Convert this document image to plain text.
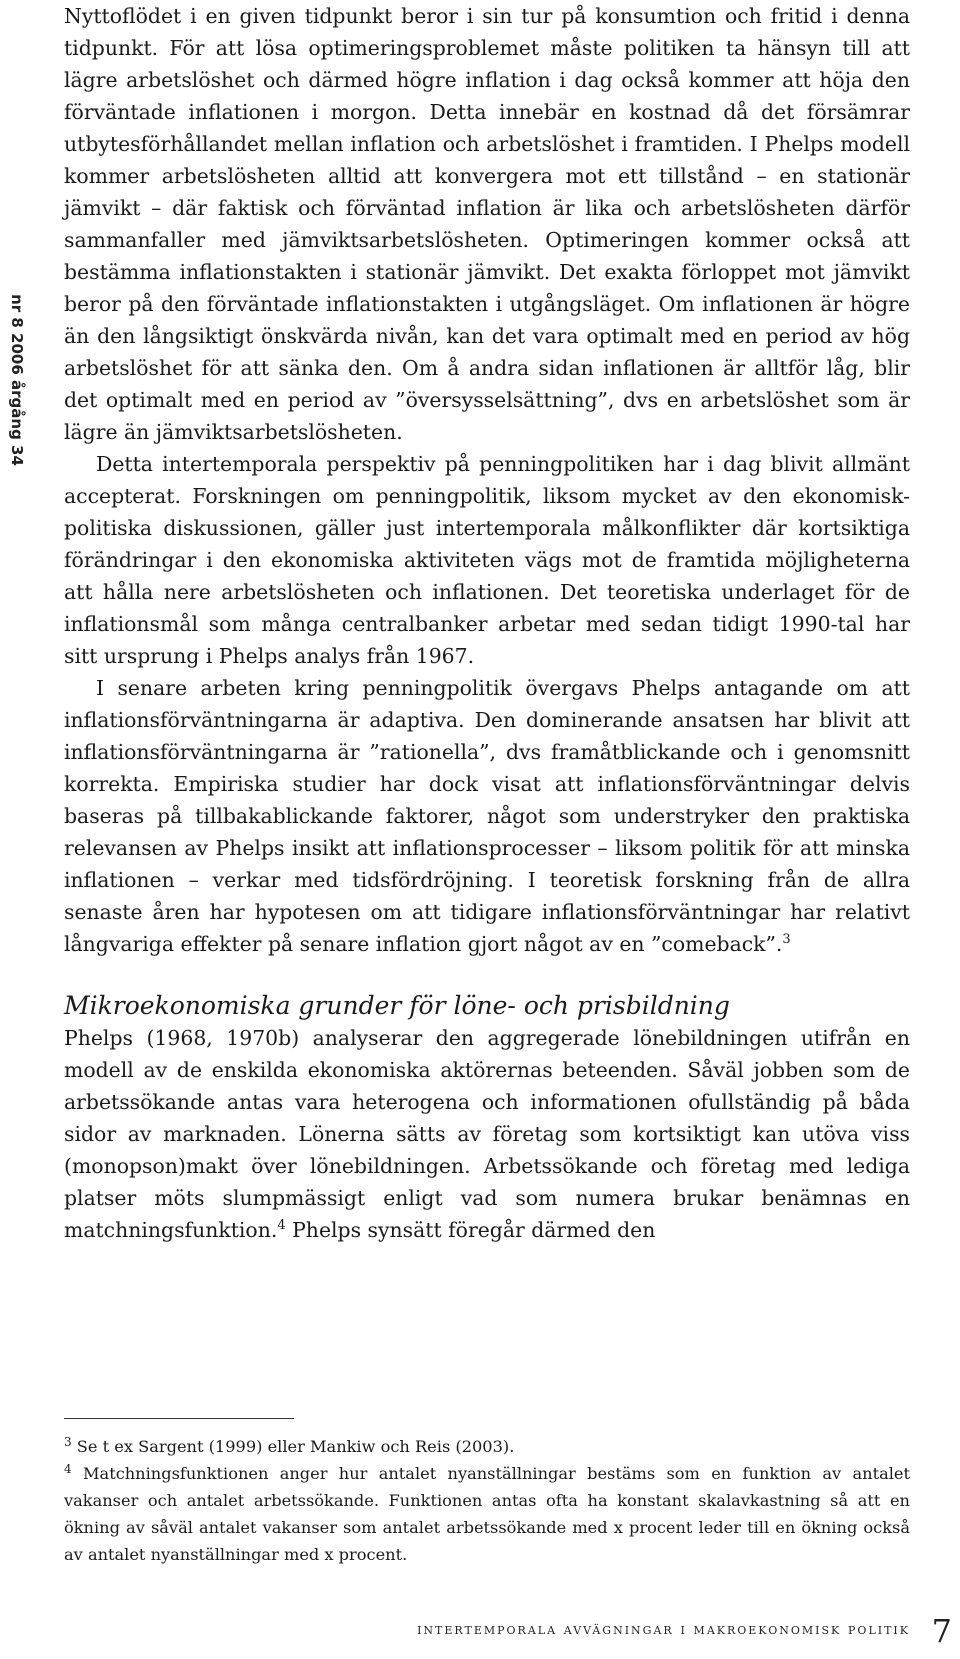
nr 8 2006 årgång 34

Nyttoflödet i en given tidpunkt beror i sin tur på konsumtion och fritid i denna tidpunkt. För att lösa optimeringsproblemet måste politiken ta hänsyn till att lägre arbetslöshet och därmed högre inflation i dag också kommer att höja den förväntade inflationen i morgon. Detta innebär en kostnad då det försämrar utbytesförhållandet mellan inflation och arbetslöshet i framtiden. I Phelps modell kommer arbetslösheten alltid att konvergera mot ett tillstånd – en stationär jämvikt – där faktisk och förväntad inflation är lika och arbetslösheten därför sammanfaller med jämviktsarbetslösheten. Optimeringen kommer också att bestämma inflationstakten i stationär jämvikt. Det exakta förloppet mot jämvikt beror på den förväntade inflationstakten i utgångsläget. Om inflationen är högre än den långsiktigt önskvärda nivån, kan det vara optimalt med en period av hög arbetslöshet för att sänka den. Om å andra sidan inflationen är alltför låg, blir det optimalt med en period av ”översysselsättning”, dvs en arbetslöshet som är lägre än jämviktsarbetslösheten.

Detta intertemporala perspektiv på penningpolitiken har i dag blivit allmänt accepterat. Forskningen om penningpolitik, liksom mycket av den ekonomisk-politiska diskussionen, gäller just intertemporala målkonflikter där kortsiktiga förändringar i den ekonomiska aktiviteten vägs mot de framtida möjligheterna att hålla nere arbetslösheten och inflationen. Det teoretiska underlaget för de inflationsmål som många centralbanker arbetar med sedan tidigt 1990-tal har sitt ursprung i Phelps analys från 1967.

I senare arbeten kring penningpolitik övergavs Phelps antagande om att inflationsförväntningarna är adaptiva. Den dominerande ansatsen har blivit att inflationsförväntningarna är ”rationella”, dvs framåtblickande och i genomsnitt korrekta. Empiriska studier har dock visat att inflationsförväntningar delvis baseras på tillbakablickande faktorer, något som understryker den praktiska relevansen av Phelps insikt att inflationsprocesser – liksom politik för att minska inflationen – verkar med tidsfördröjning. I teoretisk forskning från de allra senaste åren har hypotesen om att tidigare inflationsförväntningar har relativt långvariga effekter på senare inflation gjort något av en ”comeback”.$^3$

Mikroekonomiska grunder för löne- och prisbildning

Phelps (1968, 1970b) analyserar den aggregerade lönebildningen utifrån en modell av de enskilda ekonomiska aktörernas beteenden. Såväl jobben som de arbetssökande antas vara heterogena och informationen ofullständig på båda sidor av marknaden. Lönerna sätts av företag som kortsiktigt kan utöva viss (monopson)makt över lönebildningen. Arbetssökande och företag med lediga platser möts slumpmässigt enligt vad som numera brukar benämnas en matchningsfunktion.$^4$ Phelps synsätt föregår därmed den

$^3$ Se t ex Sargent (1999) eller Mankiw och Reis (2003).
$^4$ Matchningsfunktionen anger hur antalet nyanställningar bestäms som en funktion av antalet vakanser och antalet arbetssökande. Funktionen antas ofta ha konstant skalavkastning så att en ökning av såväl antalet vakanser som antalet arbetssökande med x procent leder till en ökning också av antalet nyanställningar med x procent.
intertemporala avvägningar i makroekonomisk politik 7
